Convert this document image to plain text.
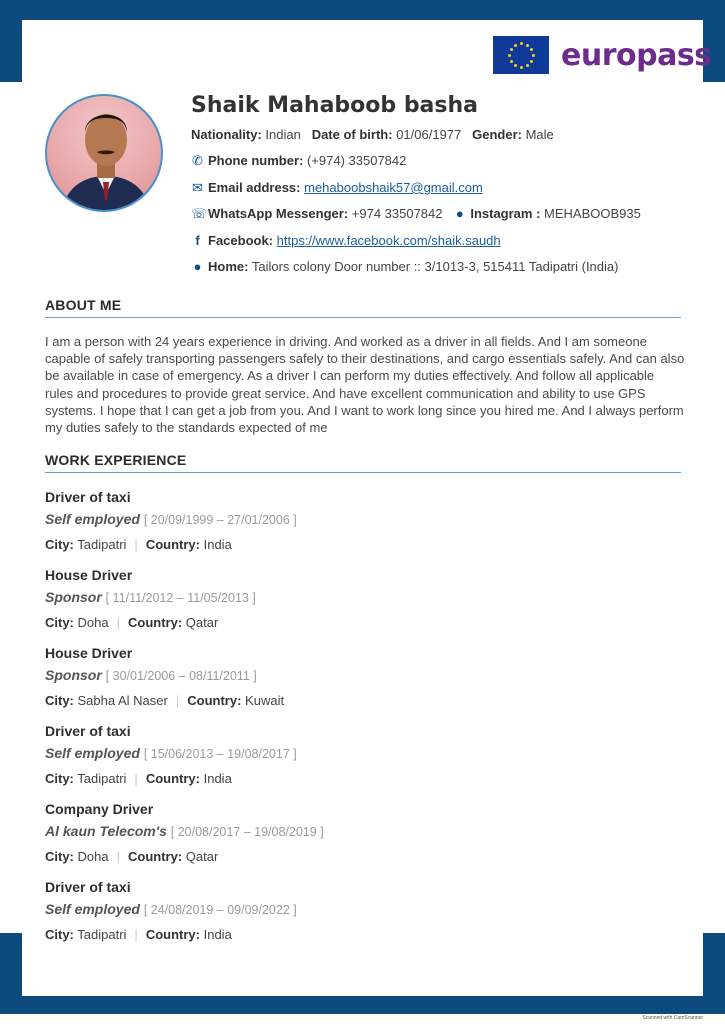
Scanned with CamScanner
europass
Shaik Mahaboob basha
Nationality: Indian Date of birth: 01/06/1977 Gender: Male
✆ Phone number: (+974) 33507842
✉ Email address: mehaboobshaik57@gmail.com
☏WhatsApp Messenger: +974 33507842 ● Instagram : MEHABOOB935
f Facebook: https://www.facebook.com/shaik.saudh
● Home: Tailors colony Door number :: 3/1013-3, 515411 Tadipatri (India)
ABOUT ME
I am a person with 24 years experience in driving. And worked as a driver in all fields. And I am someone capable of safely transporting passengers safely to their destinations, and cargo essentials safely. And can also be available in case of emergency. As a driver I can perform my duties effectively. And follow all applicable rules and procedures to provide great service. And have excellent communication and ability to use GPS systems. I hope that I can get a job from you. And I want to work long since you hired me. And I always perform my duties safely to the standards expected of me
WORK EXPERIENCE
Driver of taxi
Self employed [ 20/09/1999 – 27/01/2006 ]
City: Tadipatri | Country: India
House Driver
Sponsor [ 11/11/2012 – 11/05/2013 ]
City: Doha | Country: Qatar
House Driver
Sponsor [ 30/01/2006 – 08/11/2011 ]
City: Sabha Al Naser | Country: Kuwait
Driver of taxi
Self employed [ 15/06/2013 – 19/08/2017 ]
City: Tadipatri | Country: India
Company Driver
Al kaun Telecom's [ 20/08/2017 – 19/08/2019 ]
City: Doha | Country: Qatar
Driver of taxi
Self employed [ 24/08/2019 – 09/09/2022 ]
City: Tadipatri | Country: India
